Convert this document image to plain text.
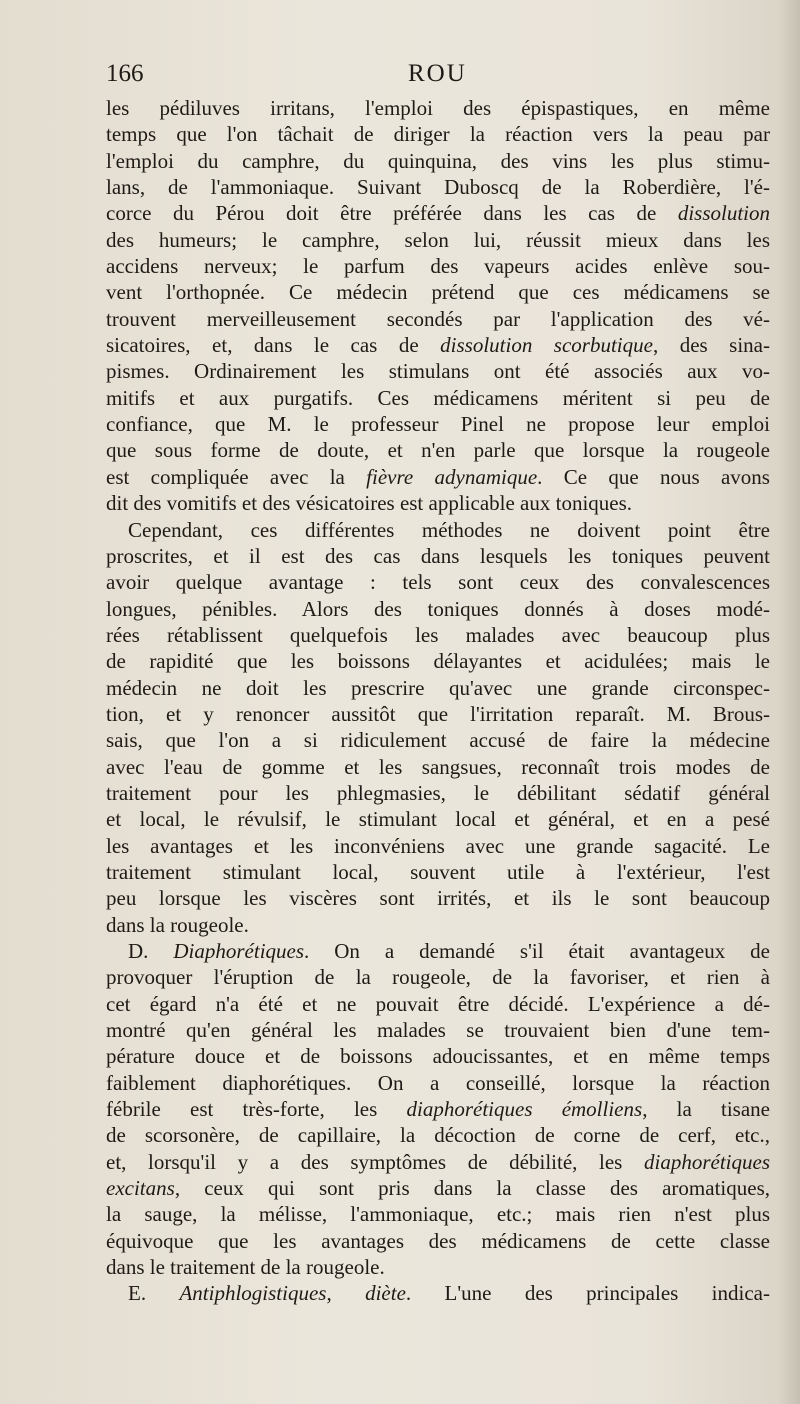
166	ROU
les pédiluves irritans, l'emploi des épispastiques, en même
temps que l'on tâchait de diriger la réaction vers la peau par
l'emploi du camphre, du quinquina, des vins les plus stimu-
lans, de l'ammoniaque. Suivant Duboscq de la Roberdière, l'é-
corce du Pérou doit être préférée dans les cas de dissolution
des humeurs; le camphre, selon lui, réussit mieux dans les
accidens nerveux; le parfum des vapeurs acides enlève sou-
vent l'orthopnée. Ce médecin prétend que ces médicamens se
trouvent merveilleusement secondés par l'application des vé-
sicatoires, et, dans le cas de dissolution scorbutique, des sina-
pismes. Ordinairement les stimulans ont été associés aux vo-
mitifs et aux purgatifs. Ces médicamens méritent si peu de
confiance, que M. le professeur Pinel ne propose leur emploi
que sous forme de doute, et n'en parle que lorsque la rougeole
est compliquée avec la fièvre adynamique. Ce que nous avons
dit des vomitifs et des vésicatoires est applicable aux toniques.
Cependant, ces différentes méthodes ne doivent point être
proscrites, et il est des cas dans lesquels les toniques peuvent
avoir quelque avantage : tels sont ceux des convalescences
longues, pénibles. Alors des toniques donnés à doses modé-
rées rétablissent quelquefois les malades avec beaucoup plus
de rapidité que les boissons délayantes et acidulées; mais le
médecin ne doit les prescrire qu'avec une grande circonspec-
tion, et y renoncer aussitôt que l'irritation reparaît. M. Brous-
sais, que l'on a si ridiculement accusé de faire la médecine
avec l'eau de gomme et les sangsues, reconnaît trois modes de
traitement pour les phlegmasies, le débilitant sédatif général
et local, le révulsif, le stimulant local et général, et en a pesé
les avantages et les inconvéniens avec une grande sagacité. Le
traitement stimulant local, souvent utile à l'extérieur, l'est
peu lorsque les viscères sont irrités, et ils le sont beaucoup
dans la rougeole.
D. Diaphorétiques. On a demandé s'il était avantageux de
provoquer l'éruption de la rougeole, de la favoriser, et rien à
cet égard n'a été et ne pouvait être décidé. L'expérience a dé-
montré qu'en général les malades se trouvaient bien d'une tem-
pérature douce et de boissons adoucissantes, et en même temps
faiblement diaphorétiques. On a conseillé, lorsque la réaction
fébrile est très-forte, les diaphorétiques émolliens, la tisane
de scorsonère, de capillaire, la décoction de corne de cerf, etc.,
et, lorsqu'il y a des symptômes de débilité, les diaphorétiques
excitans, ceux qui sont pris dans la classe des aromatiques,
la sauge, la mélisse, l'ammoniaque, etc.; mais rien n'est plus
équivoque que les avantages des médicamens de cette classe
dans le traitement de la rougeole.
E. Antiphlogistiques, diète. L'une des principales indica-
